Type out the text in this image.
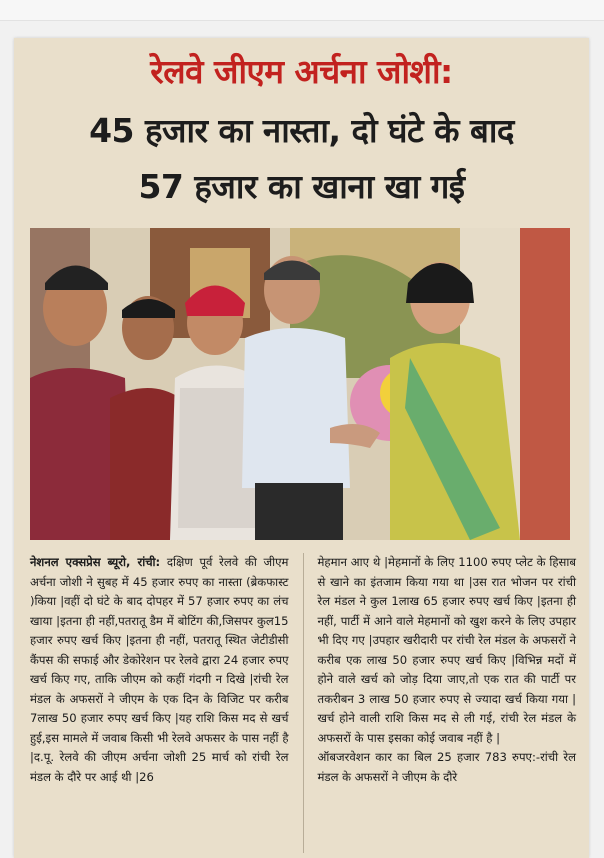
रेलवे जीएम अर्चना जोशी:
45 हजार का नास्ता, दो घंटे के बाद
57 हजार का खाना खा गई

नेशनल एक्सप्रेस ब्यूरो, रांची: दक्षिण पूर्व रेलवे की जीएम अर्चना जोशी ने सुबह में 45 हजार रुपए का नास्ता (ब्रेकफास्ट )किया |वहीं दो घंटे के बाद दोपहर में 57 हजार रुपए का लंच खाया |इतना ही नहीं,पतरातू डैम में बोटिंग की,जिसपर कुल15 हजार रुपए खर्च किए |इतना ही नहीं, पतरातू स्थित जेटीडीसी कैंपस की सफाई और डेकोरेशन पर रेलवे द्वारा 24 हजार रुपए खर्च किए गए, ताकि जीएम को कहीं गंदगी न दिखे |रांची रेल मंडल के अफसरों ने जीएम के एक दिन के विजिट पर करीब 7लाख 50 हजार रुपए खर्च किए |यह राशि किस मद से खर्च हुई,इस मामले में जवाब किसी भी रेलवे अफसर के पास नहीं है |द.पू. रेलवे की जीएम अर्चना जोशी 25 मार्च को रांची रेल मंडल के दौरे पर आई थी |26

मेहमान आए थे |मेहमानों के लिए 1100 रुपए प्लेट के हिसाब से खाने का इंतजाम किया गया था |उस रात भोजन पर रांची रेल मंडल ने कुल 1लाख 65 हजार रुपए खर्च किए |इतना ही नहीं, पार्टी में आने वाले मेहमानों को खुश करने के लिए उपहार भी दिए गए |उपहार खरीदारी पर रांची रेल मंडल के अफसरों ने करीब एक लाख 50 हजार रुपए खर्च किए |विभिन्न मदों में होने वाले खर्च को जोड़ दिया जाए,तो एक रात की पार्टी पर तकरीबन 3 लाख 50 हजार रुपए से ज्यादा खर्च किया गया |खर्च होने वाली राशि किस मद से ली गई, रांची रेल मंडल के अफसरों के पास इसका कोई जवाब नहीं है |
ऑबजरवेशन कार का बिल 25 हजार 783 रुपए:-रांची रेल मंडल के अफसरों ने जीएम के दौरे
